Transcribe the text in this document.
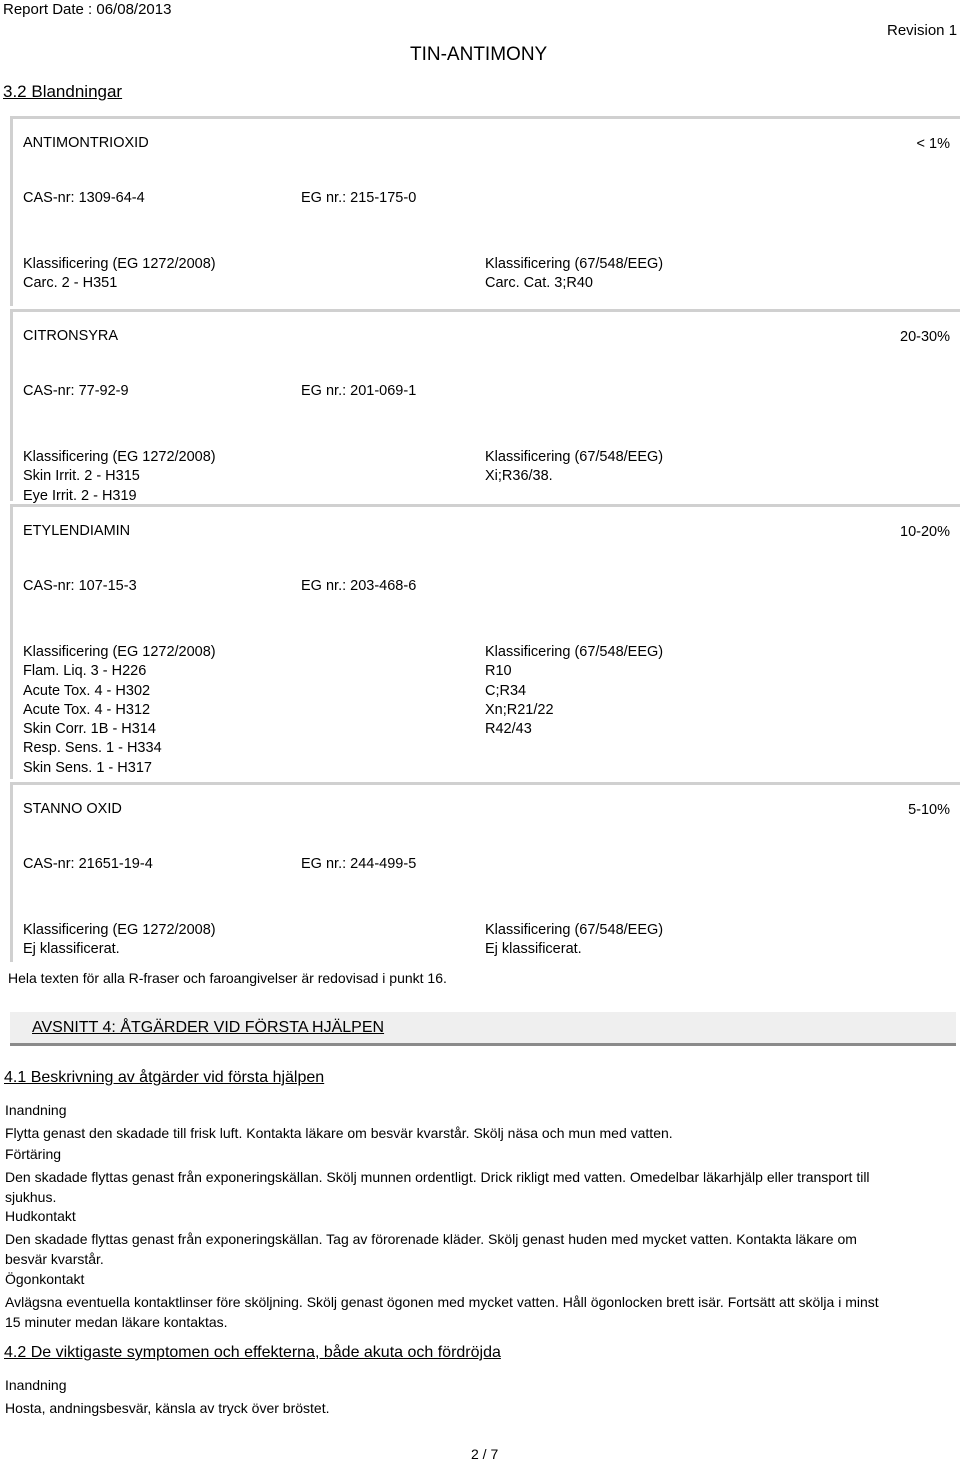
Report Date : 06/08/2013
TIN-ANTIMONY
Revision 1
3.2 Blandningar
ANTIMONTRIOXID	< 1%
CAS-nr: 1309-64-4	EG nr.: 215-175-0
Klassificering (EG 1272/2008)
Carc. 2 - H351
Klassificering (67/548/EEG)
Carc. Cat. 3;R40
CITRONSYRA	20-30%
CAS-nr: 77-92-9	EG nr.: 201-069-1
Klassificering (EG 1272/2008)
Skin Irrit. 2 - H315
Eye Irrit. 2 - H319
Klassificering (67/548/EEG)
Xi;R36/38.
ETYLENDIAMIN	10-20%
CAS-nr: 107-15-3	EG nr.: 203-468-6
Klassificering (EG 1272/2008)
Flam. Liq. 3 - H226
Acute Tox. 4 - H302
Acute Tox. 4 - H312
Skin Corr. 1B - H314
Resp. Sens. 1 - H334
Skin Sens. 1 - H317
Klassificering (67/548/EEG)
R10
C;R34
Xn;R21/22
R42/43
STANNO OXID	5-10%
CAS-nr: 21651-19-4	EG nr.: 244-499-5
Klassificering (EG 1272/2008)
Ej klassificerat.
Klassificering (67/548/EEG)
Ej klassificerat.
Hela texten för alla R-fraser och faroangivelser är redovisad i punkt 16.
AVSNITT 4: ÅTGÄRDER VID FÖRSTA HJÄLPEN
4.1 Beskrivning av åtgärder vid första hjälpen
Inandning
Flytta genast den skadade till frisk luft. Kontakta läkare om besvär kvarstår. Skölj näsa och mun med vatten.
Förtäring
Den skadade flyttas genast från exponeringskällan. Skölj munnen ordentligt. Drick rikligt med vatten. Omedelbar läkarhjälp eller transport till sjukhus.
Hudkontakt
Den skadade flyttas genast från exponeringskällan. Tag av förorenade kläder. Skölj genast huden med mycket vatten. Kontakta läkare om besvär kvarstår.
Ögonkontakt
Avlägsna eventuella kontaktlinser före sköljning. Skölj genast ögonen med mycket vatten. Håll ögonlocken brett isär. Fortsätt att skölja i minst 15 minuter medan läkare kontaktas.
4.2 De viktigaste symptomen och effekterna, både akuta och fördröjda
Inandning
Hosta, andningsbesvär, känsla av tryck över bröstet.
2 / 7
